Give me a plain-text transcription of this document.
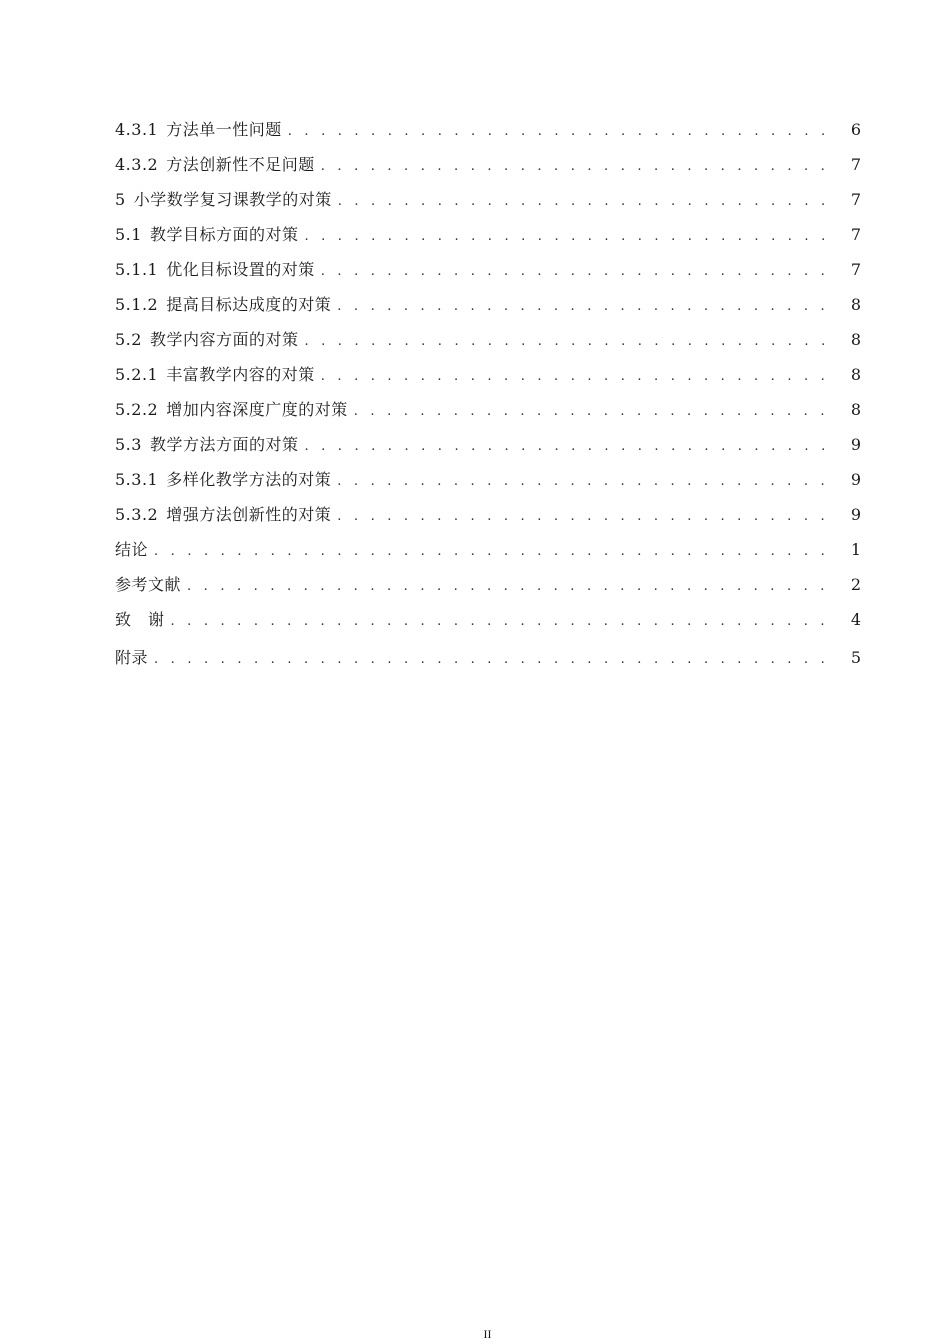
4.3.1 方法单一性问题 . . .	6
4.3.2 方法创新性不足问题 . . .	7
5 小学数学复习课教学的对策 . . .	7
5.1 教学目标方面的对策 . . .	7
5.1.1 优化目标设置的对策 . . .	7
5.1.2 提高目标达成度的对策 . . .	8
5.2 教学内容方面的对策 . . .	8
5.2.1 丰富教学内容的对策 . . .	8
5.2.2 增加内容深度广度的对策 . . .	8
5.3 教学方法方面的对策 . . .	9
5.3.1 多样化教学方法的对策 . . .	9
5.3.2 增强方法创新性的对策 . . .	9
结论 . . .	1
参考文献 . . .	2
致　谢 . . .	4
附录 . . .	5
II
